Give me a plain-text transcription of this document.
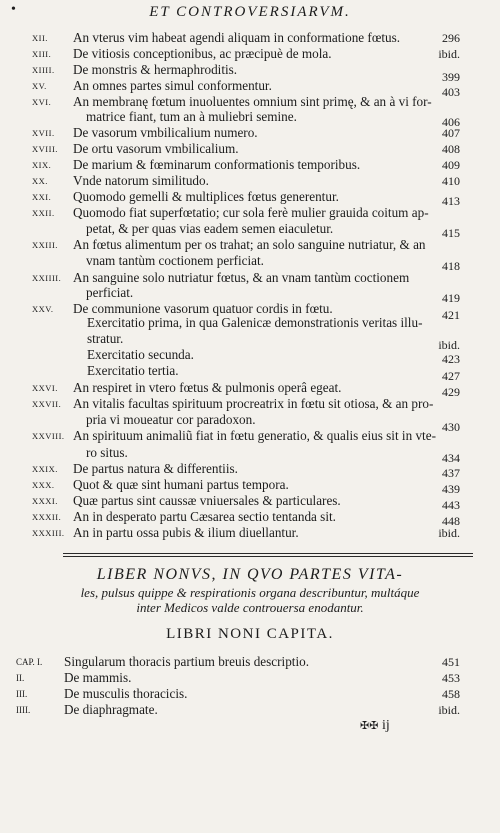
•	ET CONTROVERSIARVM.
XII. An vterus vim habeat agendi aliquam in conformatione fœtus.	296
XIII. De vitiosis conceptionibus, ac præcipuè de mola.	ibid.
XIIII. De monstris & hermaphroditis.	399
XV. An omnes partes simul conformentur.	403
XVI. An membranę fœtum inuoluentes omnium sint primę, & an à vi for-
matrice fiant, tum an à muliebri semine.	406
XVII. De vasorum vmbilicalium numero.	407
XVIII. De ortu vasorum vmbilicalium.	408
XIX. De marium & fœminarum conformationis temporibus.	409
XX. Vnde natorum similitudo.	410
XXI. Quomodo gemelli & multiplices fœtus generentur.	413
XXII. Quomodo fiat superfœtatio; cur sola ferè mulier grauida coitum ap-
petat, & per quas vias eadem semen eiaculetur.	415
XXIII. An fœtus alimentum per os trahat; an solo sanguine nutriatur, & an
vnam tantùm coctionem perficiat.	418
XXIIII. An sanguine solo nutriatur fœtus, & an vnam tantùm coctionem
perficiat.	419
XXV. De communione vasorum quatuor cordis in fœtu.	421
Exercitatio prima, in qua Galenicæ demonstrationis veritas illu-
stratur.	ibid.
Exercitatio secunda.	423
Exercitatio tertia.	427
XXVI. An respiret in vtero fœtus & pulmonis operâ egeat.	429
XXVII. An vitalis facultas spirituum procreatrix in fœtu sit otiosa, & an pro-
pria vi moueatur cor paradoxon.	430
XXVIII. An spirituum animaliũ fiat in fœtu generatio, & qualis eius sit in vte-
ro situs.	434
XXIX. De partus natura & differentiis.	437
XXX. Quot & quæ sint humani partus tempora.	439
XXXI. Quæ partus sint caussæ vniuersales & particulares.	443
XXXII. An in desperato partu Cæsarea sectio tentanda sit.	448
XXXIII. An in partu ossa pubis & ilium diuellantur.	ibid.
LIBER NONVS, IN QVO PARTES VITA-
les, pulsus quippe & respirationis organa describuntur, multáque
inter Medicos valde controuersa enodantur.
LIBRI NONI CAPITA.
CAP. I. Singularum thoracis partium breuis descriptio.	451
II.	De mammis.	453
III.	De musculis thoracicis.	458
IIII.	De diaphragmate.	ibid.
✠✠ ij
